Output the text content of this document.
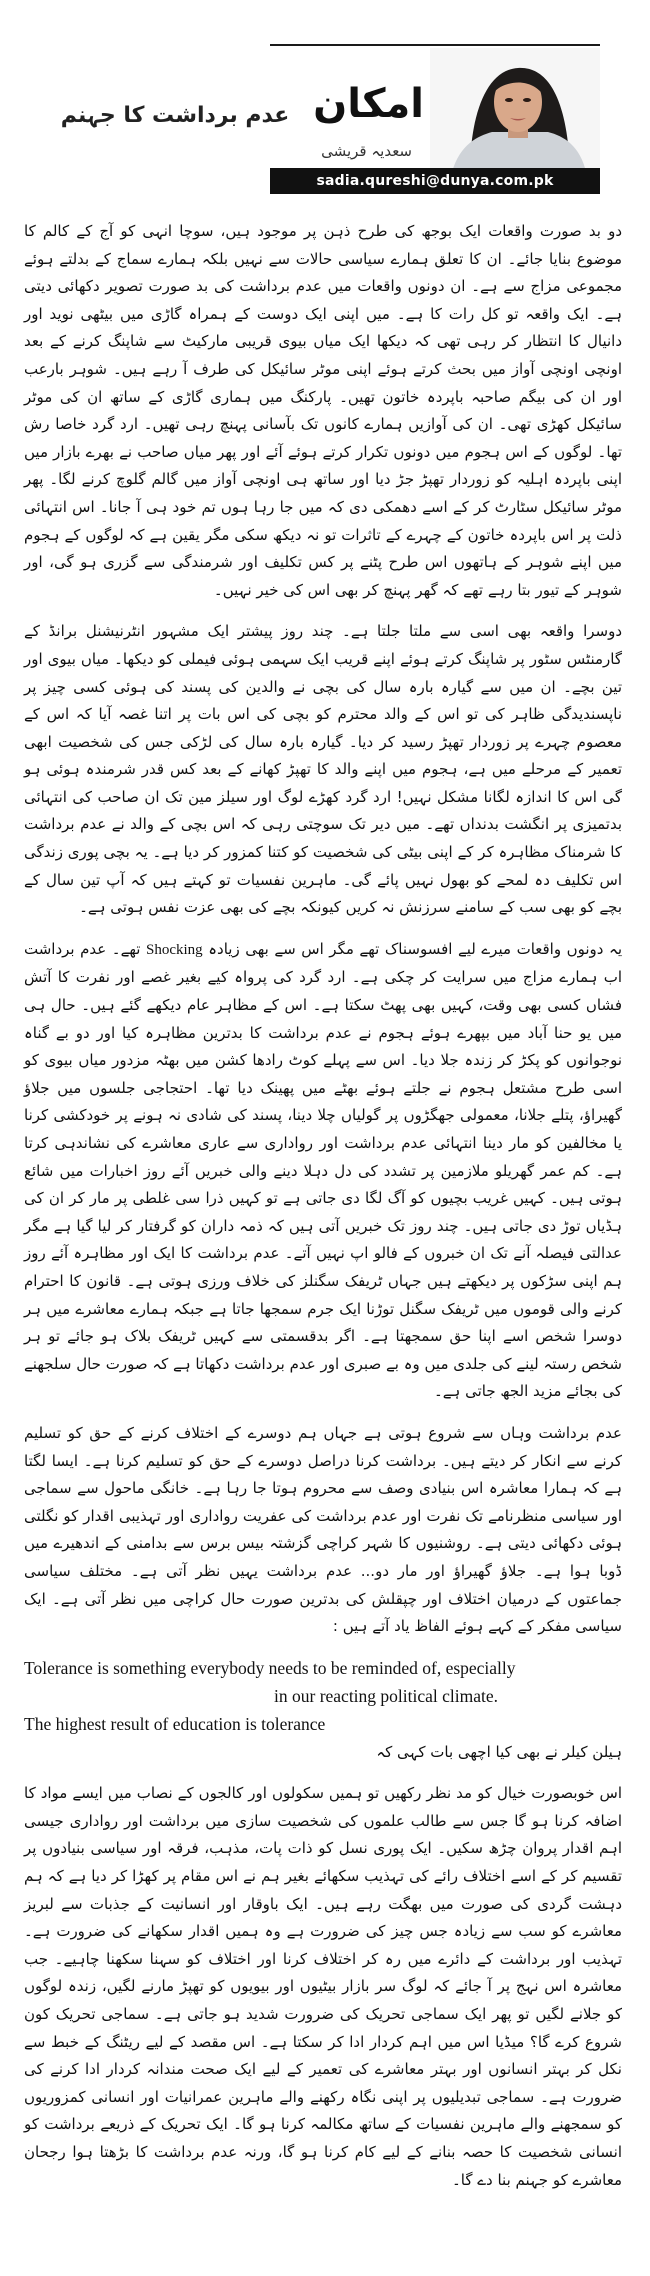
عدم برداشت کا جہنم امکان
سعدیہ قریشی
sadia.qureshi@dunya.com.pk

دو بد صورت واقعات ایک بوجھ کی طرح ذہن پر موجود ہیں، سوچا انہی کو آج کے کالم کا موضوع بنایا جائے۔ ان کا تعلق ہمارے سیاسی حالات سے نہیں بلکہ ہمارے سماج کے بدلتے ہوئے مجموعی مزاج سے ہے۔ ان دونوں واقعات میں عدم برداشت کی بد صورت تصویر دکھائی دیتی ہے۔ ایک واقعہ تو کل رات کا ہے۔ میں اپنی ایک دوست کے ہمراہ گاڑی میں بیٹھی نوید اور دانیال کا انتظار کر رہی تھی کہ دیکھا ایک میاں بیوی قریبی مارکیٹ سے شاپنگ کرنے کے بعد اونچی اونچی آواز میں بحث کرتے ہوئے اپنی موٹر سائیکل کی طرف آ رہے ہیں۔ شوہر بارعب اور ان کی بیگم صاحبہ باپردہ خاتون تھیں۔ پارکنگ میں ہماری گاڑی کے ساتھ ان کی موٹر سائیکل کھڑی تھی۔ ان کی آوازیں ہمارے کانوں تک بآسانی پہنچ رہی تھیں۔ ارد گرد خاصا رش تھا۔ لوگوں کے اس ہجوم میں دونوں تکرار کرتے ہوئے آئے اور پھر میاں صاحب نے بھرے بازار میں اپنی باپردہ اہلیہ کو زوردار تھپڑ جڑ دیا اور ساتھ ہی اونچی آواز میں گالم گلوچ کرنے لگا۔ پھر موٹر سائیکل سٹارٹ کر کے اسے دھمکی دی کہ میں جا رہا ہوں تم خود ہی آ جانا۔ اس انتہائی ذلت پر اس باپردہ خاتون کے چہرے کے تاثرات تو نہ دیکھ سکی مگر یقین ہے کہ لوگوں کے ہجوم میں اپنے شوہر کے ہاتھوں اس طرح پٹنے پر کس تکلیف اور شرمندگی سے گزری ہو گی، اور شوہر کے تیور بتا رہے تھے کہ گھر پہنچ کر بھی اس کی خیر نہیں۔

دوسرا واقعہ بھی اسی سے ملتا جلتا ہے۔ چند روز پیشتر ایک مشہور انٹرنیشنل برانڈ کے گارمنٹس سٹور پر شاپنگ کرتے ہوئے اپنے قریب ایک سہمی ہوئی فیملی کو دیکھا۔ میاں بیوی اور تین بچے۔ ان میں سے گیارہ بارہ سال کی بچی نے والدین کی پسند کی ہوئی کسی چیز پر ناپسندیدگی ظاہر کی تو اس کے والد محترم کو بچی کی اس بات پر اتنا غصہ آیا کہ اس کے معصوم چہرے پر زوردار تھپڑ رسید کر دیا۔ گیارہ بارہ سال کی لڑکی جس کی شخصیت ابھی تعمیر کے مرحلے میں ہے، ہجوم میں اپنے والد کا تھپڑ کھانے کے بعد کس قدر شرمندہ ہوئی ہو گی اس کا اندازہ لگانا مشکل نہیں! ارد گرد کھڑے لوگ اور سیلز مین تک ان صاحب کی انتہائی بدتمیزی پر انگشت بدنداں تھے۔ میں دیر تک سوچتی رہی کہ اس بچی کے والد نے عدم برداشت کا شرمناک مظاہرہ کر کے اپنی بیٹی کی شخصیت کو کتنا کمزور کر دیا ہے۔ یہ بچی پوری زندگی اس تکلیف دہ لمحے کو بھول نہیں پائے گی۔ ماہرین نفسیات تو کہتے ہیں کہ آپ تین سال کے بچے کو بھی سب کے سامنے سرزنش نہ کریں کیونکہ بچے کی بھی عزت نفس ہوتی ہے۔

یہ دونوں واقعات میرے لیے افسوسناک تھے مگر اس سے بھی زیادہ Shocking تھے۔ عدم برداشت اب ہمارے مزاج میں سرایت کر چکی ہے۔ ارد گرد کی پرواہ کیے بغیر غصے اور نفرت کا آتش فشاں کسی بھی وقت، کہیں بھی پھٹ سکتا ہے۔ اس کے مظاہر عام دیکھے گئے ہیں۔ حال ہی میں یو حنا آباد میں بپھرے ہوئے ہجوم نے عدم برداشت کا بدترین مظاہرہ کیا اور دو بے گناہ نوجوانوں کو پکڑ کر زندہ جلا دیا۔ اس سے پہلے کوٹ رادھا کشن میں بھٹہ مزدور میاں بیوی کو اسی طرح مشتعل ہجوم نے جلتے ہوئے بھٹے میں پھینک دیا تھا۔ احتجاجی جلسوں میں جلاؤ گھیراؤ، پتلے جلانا، معمولی جھگڑوں پر گولیاں چلا دینا، پسند کی شادی نہ ہونے پر خودکشی کرنا یا مخالفین کو مار دینا انتہائی عدم برداشت اور رواداری سے عاری معاشرے کی نشاندہی کرتا ہے۔ کم عمر گھریلو ملازمین پر تشدد کی دل دہلا دینے والی خبریں آئے روز اخبارات میں شائع ہوتی ہیں۔ کہیں غریب بچیوں کو آگ لگا دی جاتی ہے تو کہیں ذرا سی غلطی پر مار کر ان کی ہڈیاں توڑ دی جاتی ہیں۔ چند روز تک خبریں آتی ہیں کہ ذمہ داران کو گرفتار کر لیا گیا ہے مگر عدالتی فیصلہ آنے تک ان خبروں کے فالو اپ نہیں آتے۔ عدم برداشت کا ایک اور مظاہرہ آئے روز ہم اپنی سڑکوں پر دیکھتے ہیں جہاں ٹریفک سگنلز کی خلاف ورزی ہوتی ہے۔ قانون کا احترام کرنے والی قوموں میں ٹریفک سگنل توڑنا ایک جرم سمجھا جاتا ہے جبکہ ہمارے معاشرے میں ہر دوسرا شخص اسے اپنا حق سمجھتا ہے۔ اگر بدقسمتی سے کہیں ٹریفک بلاک ہو جائے تو ہر شخص رستہ لینے کی جلدی میں وہ بے صبری اور عدم برداشت دکھاتا ہے کہ صورت حال سلجھنے کی بجائے مزید الجھ جاتی ہے۔

عدم برداشت وہاں سے شروع ہوتی ہے جہاں ہم دوسرے کے اختلاف کرنے کے حق کو تسلیم کرنے سے انکار کر دیتے ہیں۔ برداشت کرنا دراصل دوسرے کے حق کو تسلیم کرنا ہے۔ ایسا لگتا ہے کہ ہمارا معاشرہ اس بنیادی وصف سے محروم ہوتا جا رہا ہے۔ خانگی ماحول سے سماجی اور سیاسی منظرنامے تک نفرت اور عدم برداشت کی عفریت رواداری اور تہذیبی اقدار کو نگلتی ہوئی دکھائی دیتی ہے۔ روشنیوں کا شہر کراچی گزشتہ بیس برس سے بدامنی کے اندھیرے میں ڈوبا ہوا ہے۔ جلاؤ گھیراؤ اور مار دو... عدم برداشت یہیں نظر آتی ہے۔ مختلف سیاسی جماعتوں کے درمیان اختلاف اور چپقلش کی بدترین صورت حال کراچی میں نظر آتی ہے۔ ایک سیاسی مفکر کے کہے ہوئے الفاظ یاد آتے ہیں :

Tolerance is something everybody needs to be reminded of, especially
in our reacting political climate.
The highest result of education is tolerance

ہیلن کیلر نے بھی کیا اچھی بات کہی کہ

اس خوبصورت خیال کو مد نظر رکھیں تو ہمیں سکولوں اور کالجوں کے نصاب میں ایسے مواد کا اضافہ کرنا ہو گا جس سے طالب علموں کی شخصیت سازی میں برداشت اور رواداری جیسی اہم اقدار پروان چڑھ سکیں۔ ایک پوری نسل کو ذات پات، مذہب، فرقہ اور سیاسی بنیادوں پر تقسیم کر کے اسے اختلاف رائے کی تہذیب سکھائے بغیر ہم نے اس مقام پر کھڑا کر دیا ہے کہ ہم دہشت گردی کی صورت میں بھگت رہے ہیں۔ ایک باوقار اور انسانیت کے جذبات سے لبریز معاشرے کو سب سے زیادہ جس چیز کی ضرورت ہے وہ ہمیں اقدار سکھانے کی ضرورت ہے۔ تہذیب اور برداشت کے دائرے میں رہ کر اختلاف کرنا اور اختلاف کو سہنا سکھنا چاہیے۔ جب معاشرہ اس نہج پر آ جائے کہ لوگ سر بازار بیٹیوں اور بیویوں کو تھپڑ مارنے لگیں، زندہ لوگوں کو جلانے لگیں تو پھر ایک سماجی تحریک کی ضرورت شدید ہو جاتی ہے۔ سماجی تحریک کون شروع کرے گا؟ میڈیا اس میں اہم کردار ادا کر سکتا ہے۔ اس مقصد کے لیے ریٹنگ کے خبط سے نکل کر بہتر انسانوں اور بہتر معاشرے کی تعمیر کے لیے ایک صحت مندانہ کردار ادا کرنے کی ضرورت ہے۔ سماجی تبدیلیوں پر اپنی نگاہ رکھنے والے ماہرین عمرانیات اور انسانی کمزوریوں کو سمجھنے والے ماہرین نفسیات کے ساتھ مکالمہ کرنا ہو گا۔ ایک تحریک کے ذریعے برداشت کو انسانی شخصیت کا حصہ بنانے کے لیے کام کرنا ہو گا، ورنہ عدم برداشت کا بڑھتا ہوا رجحان معاشرے کو جہنم بنا دے گا۔
